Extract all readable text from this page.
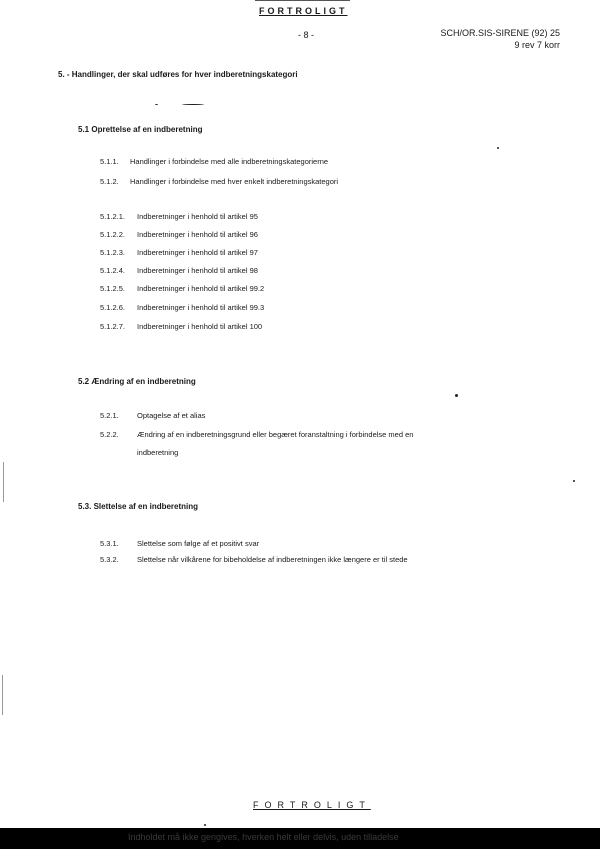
FORTROLIGT
- 8 -	SCH/OR.SIS-SIRENE (92) 25
9 rev 7 korr
5. - Handlinger, der skal udføres for hver indberetningskategori
5.1 Oprettelse af en indberetning
5.1.1. Handlinger i forbindelse med alle indberetningskategorierne
5.1.2. Handlinger i forbindelse med hver enkelt indberetningskategori
5.1.2.1. Indberetninger i henhold til artikel 95
5.1.2.2. Indberetninger i henhold til artikel 96
5.1.2.3. Indberetninger i henhold til artikel 97
5.1.2.4. Indberetninger i henhold til artikel 98
5.1.2.5. Indberetninger i henhold til artikel 99.2
5.1.2.6. Indberetninger i henhold til artikel 99.3
5.1.2.7. Indberetninger i henhold til artikel 100
5.2 Ændring af en indberetning
5.2.1. Optagelse af et alias
5.2.2. Ændring af en indberetningsgrund eller begæret foranstaltning i forbindelse med en
indberetning
5.3. Slettelse af en indberetning
5.3.1. Slettelse som følge af et positivt svar
5.3.2. Slettelse når vilkårene for bibeholdelse af indberetningen ikke længere er til stede
FORTROLIGT
Indholdet må ikke gengives, hverken helt eller delvis, uden tilladelse
